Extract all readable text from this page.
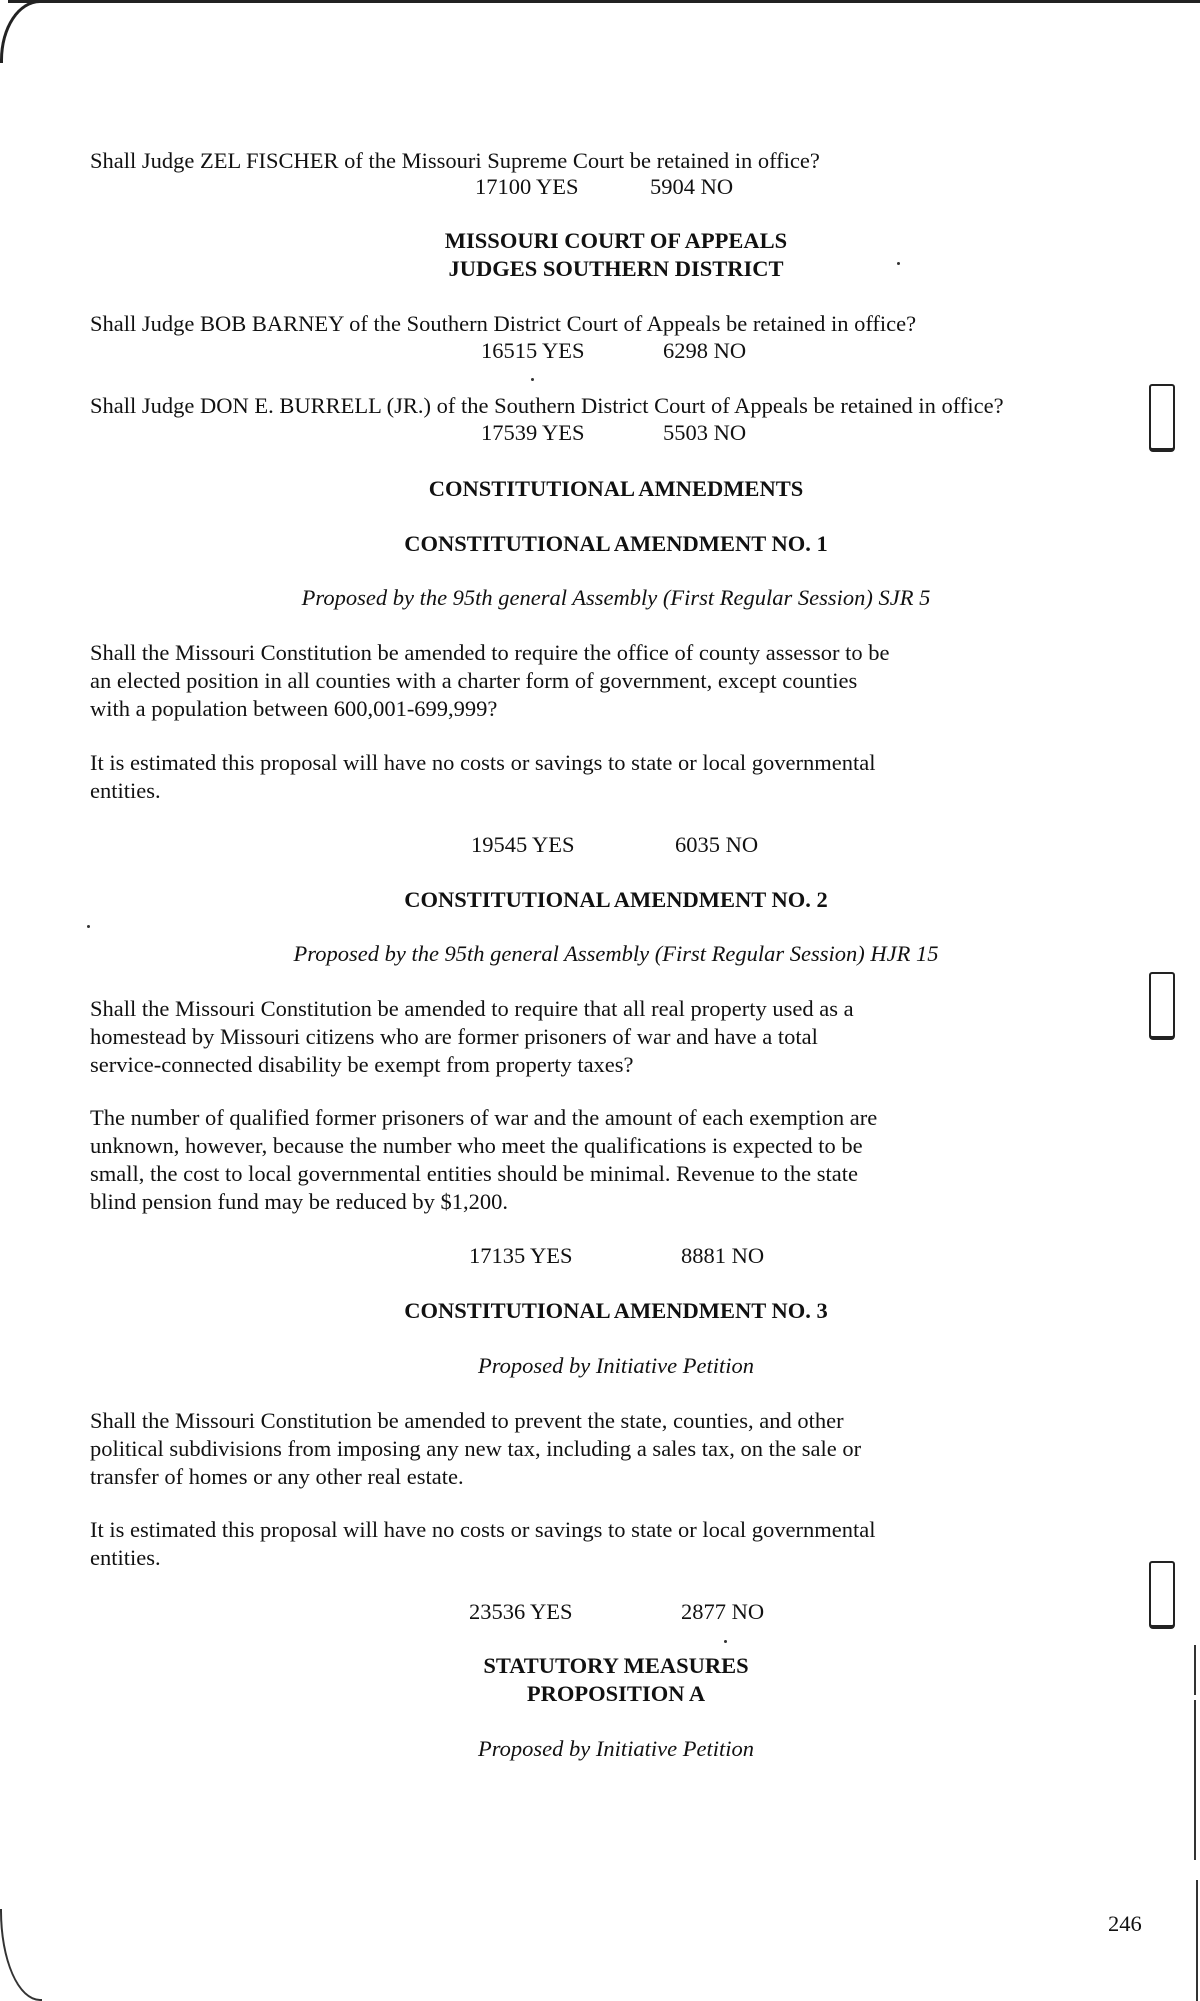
Shall Judge ZEL FISCHER of the Missouri Supreme Court be retained in office?
17100 YES	5904 NO
MISSOURI COURT OF APPEALS
JUDGES SOUTHERN DISTRICT
Shall Judge BOB BARNEY of the Southern District Court of Appeals be retained in office?
16515 YES	6298 NO
Shall Judge DON E. BURRELL (JR.) of the Southern District Court of Appeals be retained in office?
17539 YES	5503 NO
CONSTITUTIONAL AMNEDMENTS
CONSTITUTIONAL AMENDMENT NO. 1
Proposed by the 95th general Assembly (First Regular Session) SJR 5
Shall the Missouri Constitution be amended to require the office of county assessor to be
an elected position in all counties with a charter form of government, except counties
with a population between 600,001-699,999?
It is estimated this proposal will have no costs or savings to state or local governmental
entities.
19545 YES	6035 NO
CONSTITUTIONAL AMENDMENT NO. 2
Proposed by the 95th general Assembly (First Regular Session) HJR 15
Shall the Missouri Constitution be amended to require that all real property used as a
homestead by Missouri citizens who are former prisoners of war and have a total
service-connected disability be exempt from property taxes?
The number of qualified former prisoners of war and the amount of each exemption are
unknown, however, because the number who meet the qualifications is expected to be
small, the cost to local governmental entities should be minimal. Revenue to the state
blind pension fund may be reduced by $1,200.
17135 YES	8881 NO
CONSTITUTIONAL AMENDMENT NO. 3
Proposed by Initiative Petition
Shall the Missouri Constitution be amended to prevent the state, counties, and other
political subdivisions from imposing any new tax, including a sales tax, on the sale or
transfer of homes or any other real estate.
It is estimated this proposal will have no costs or savings to state or local governmental
entities.
23536 YES	2877 NO
STATUTORY MEASURES
PROPOSITION A
Proposed by Initiative Petition
246
